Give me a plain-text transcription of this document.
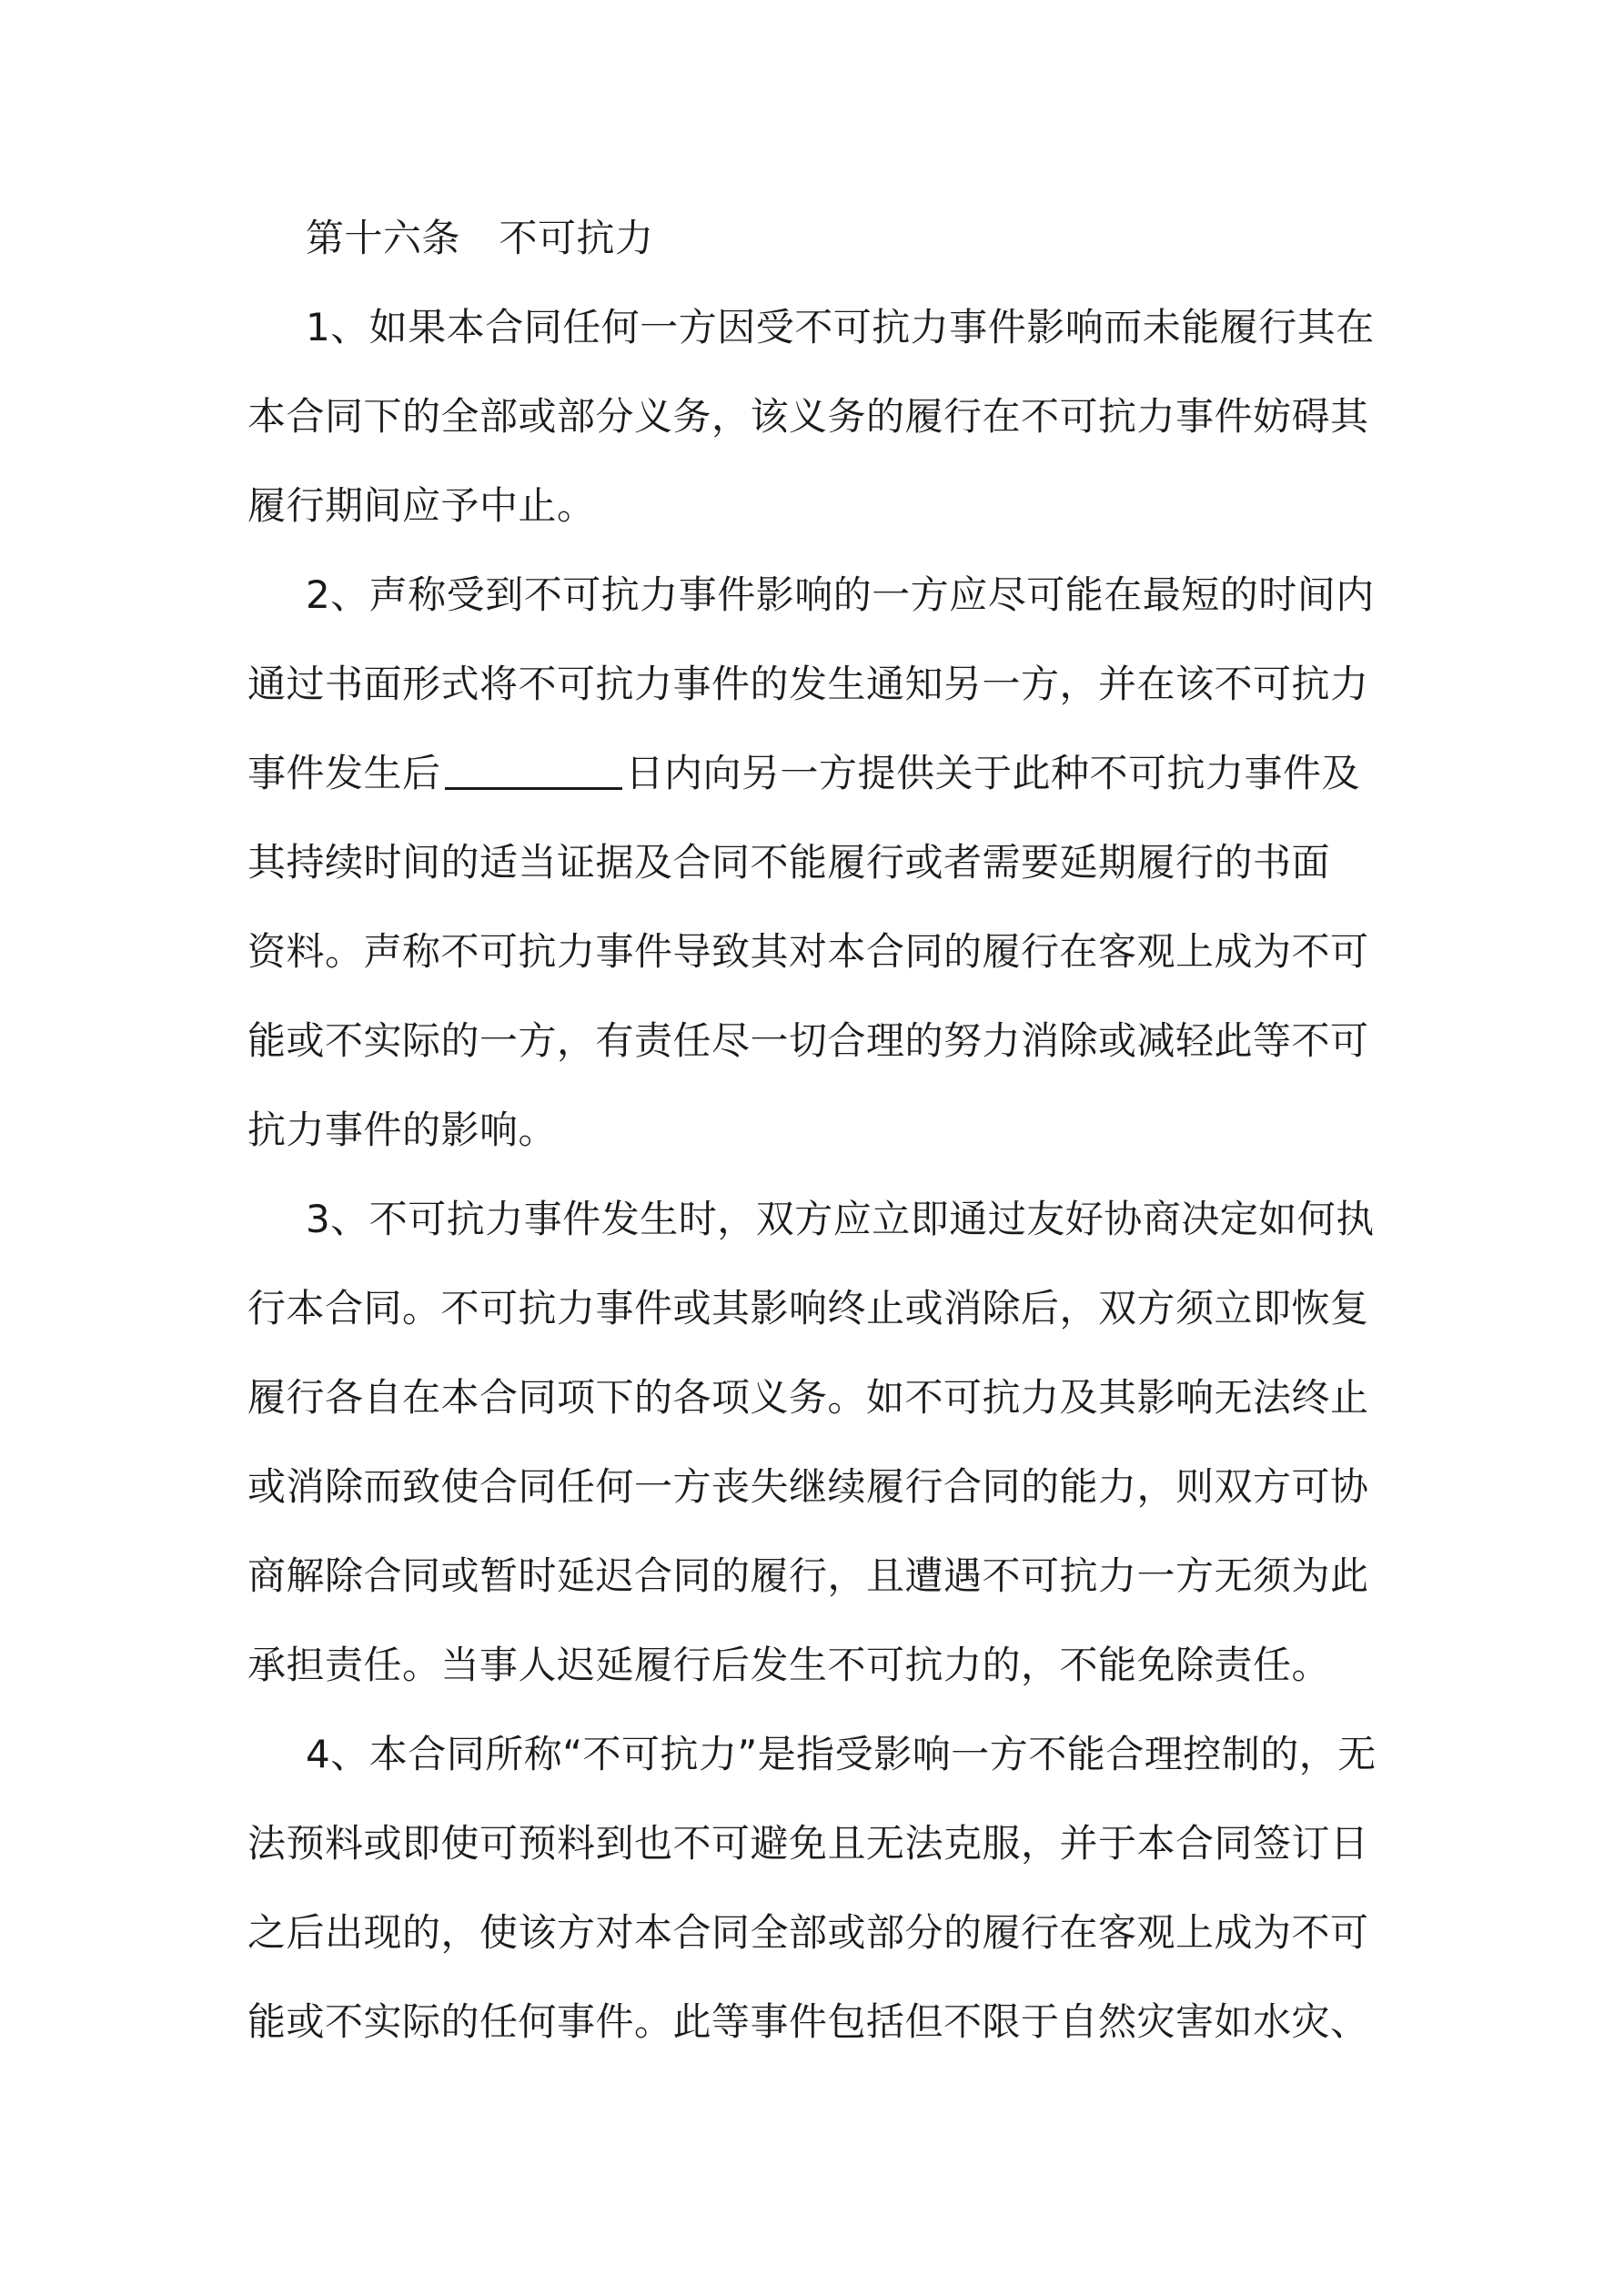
第十六条　不可抗力
1、如果本合同任何一方因受不可抗力事件影响而未能履行其在
本合同下的全部或部分义务，该义务的履行在不可抗力事件妨碍其
履行期间应予中止。
2、声称受到不可抗力事件影响的一方应尽可能在最短的时间内
通过书面形式将不可抗力事件的发生通知另一方，并在该不可抗力
事件发生后	日内向另一方提供关于此种不可抗力事件及
其持续时间的适当证据及合同不能履行或者需要延期履行的书面
资料。声称不可抗力事件导致其对本合同的履行在客观上成为不可
能或不实际的一方，有责任尽一切合理的努力消除或减轻此等不可
抗力事件的影响。
3、不可抗力事件发生时，双方应立即通过友好协商决定如何执
行本合同。不可抗力事件或其影响终止或消除后，双方须立即恢复
履行各自在本合同项下的各项义务。如不可抗力及其影响无法终止
或消除而致使合同任何一方丧失继续履行合同的能力，则双方可协
商解除合同或暂时延迟合同的履行，且遭遇不可抗力一方无须为此
承担责任。当事人迟延履行后发生不可抗力的，不能免除责任。
4、本合同所称“不可抗力”是指受影响一方不能合理控制的，无
法预料或即使可预料到也不可避免且无法克服，并于本合同签订日
之后出现的，使该方对本合同全部或部分的履行在客观上成为不可
能或不实际的任何事件。此等事件包括但不限于自然灾害如水灾、
